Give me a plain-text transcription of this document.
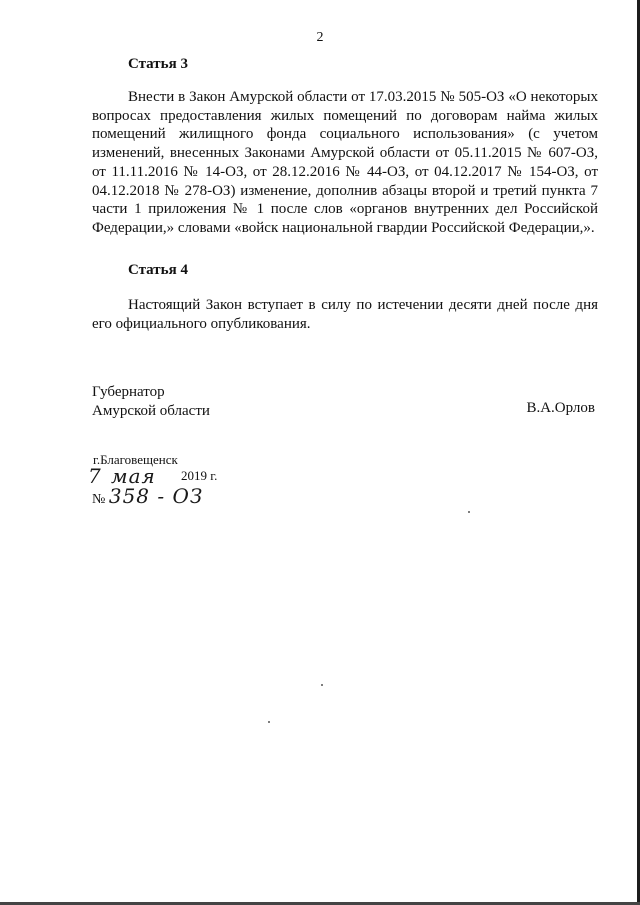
2
Статья 3

Внести в Закон Амурской области от 17.03.2015 № 505-ОЗ «О некоторых вопросах предоставления жилых помещений по договорам найма жилых помещений жилищного фонда социального использования» (с учетом изменений, внесенных Законами Амурской области от 05.11.2015 № 607-ОЗ, от 11.11.2016 № 14-ОЗ, от 28.12.2016 № 44-ОЗ, от 04.12.2017 № 154-ОЗ, от 04.12.2018 № 278-ОЗ) изменение, дополнив абзацы второй и третий пункта 7 части 1 приложения № 1 после слов «органов внутренних дел Российской Федерации,» словами «войск национальной гвардии Российской Федерации,».

Статья 4

Настоящий Закон вступает в силу по истечении десяти дней после дня его официального опубликования.

Губернатор
Амурской области	В.А.Орлов
г.Благовещенск
7 мая 2019 г.
№ 358 - ОЗ
